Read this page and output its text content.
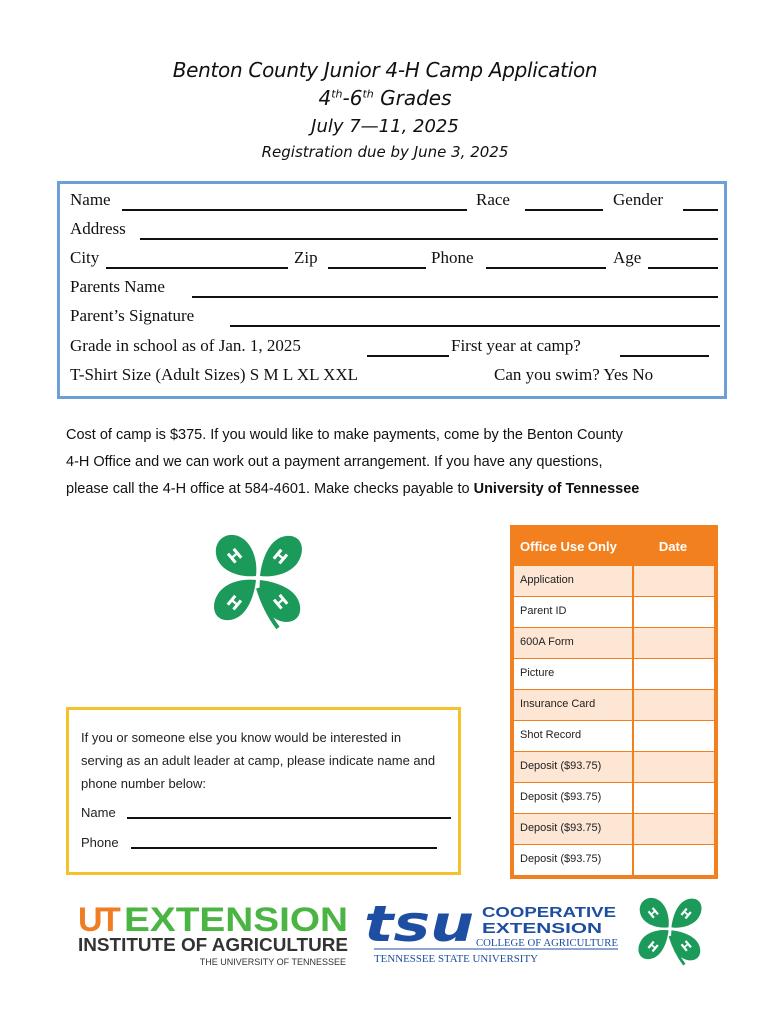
Benton County Junior 4-H Camp Application
4th-6th Grades
July 7—11, 2025
Registration due by June 3, 2025
Name	Race	Gender
Address
City	Zip	Phone	Age
Parents Name
Parent’s Signature
Grade in school as of Jan. 1, 2025	First year at camp?
T-Shirt Size (Adult Sizes) S M L XL XXL	Can you swim? Yes No
Cost of camp is $375. If you would like to make payments, come by the Benton County
4-H Office and we can work out a payment arrangement. If you have any questions,
please call the 4-H office at 584-4601. Make checks payable to University of Tennessee
H H
H H
Office Use Only	Date
Application
Parent ID
600A Form
Picture
Insurance Card
Shot Record
Deposit ($93.75)
Deposit ($93.75)
Deposit ($93.75)
Deposit ($93.75)
If you or someone else you know would be interested in serving as an adult leader at camp, please indicate name and phone number below:
Name
Phone
U
T EXTENSION
INSTITUTE OF AGRICULTURE
THE UNIVERSITY OF TENNESSEE
tsu COOPERATIVE
EXTENSION
COLLEGE OF AGRICULTURE
TENNESSEE STATE UNIVERSITY
H H
H H
